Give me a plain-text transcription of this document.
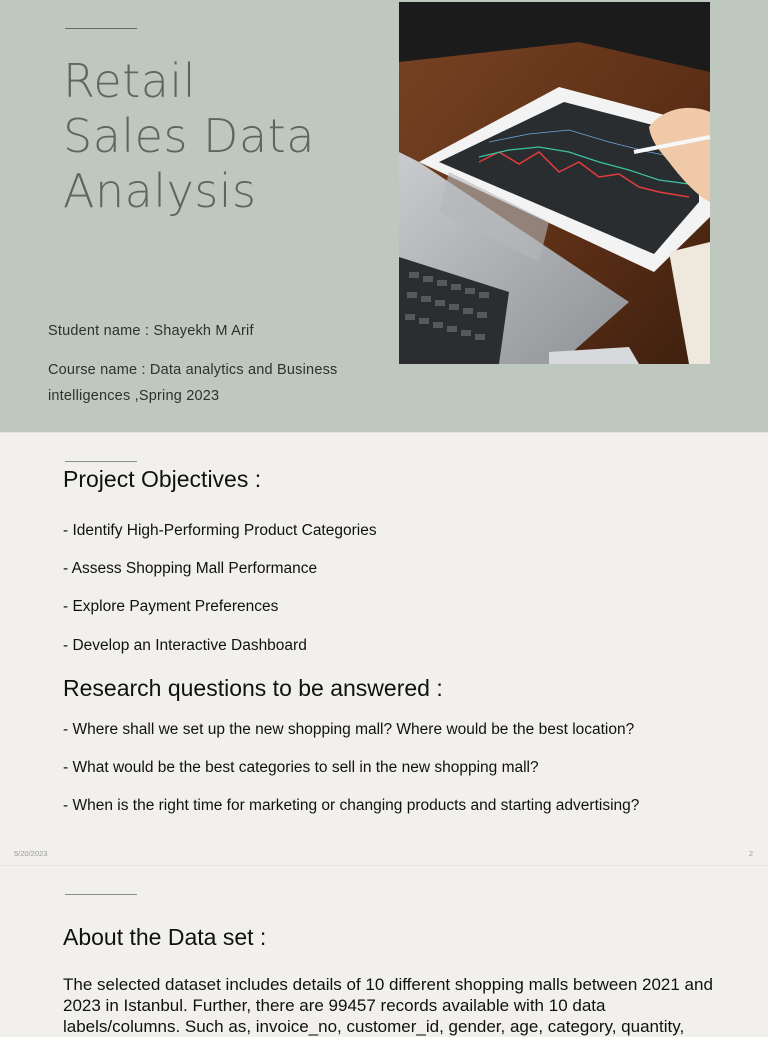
Retail
Sales Data
Analysis
Student name : Shayekh M Arif
Course name : Data analytics and Business intelligences ,Spring 2023
Project Objectives :
- Identify High-Performing Product Categories
- Assess Shopping Mall Performance
- Explore Payment Preferences
- Develop an Interactive Dashboard
Research questions to be answered :
- Where shall we set up the new shopping mall? Where would be the best location?
- What would be the best categories to sell in the new shopping mall?
- When is the right time for marketing or changing products and starting advertising?
5/20/2023	2
About the Data set :
The selected dataset includes details of 10 different shopping malls between 2021 and 2023 in Istanbul. Further, there are 99457 records available with 10 data labels/columns. Such as, invoice_no, customer_id, gender, age, category, quantity,
